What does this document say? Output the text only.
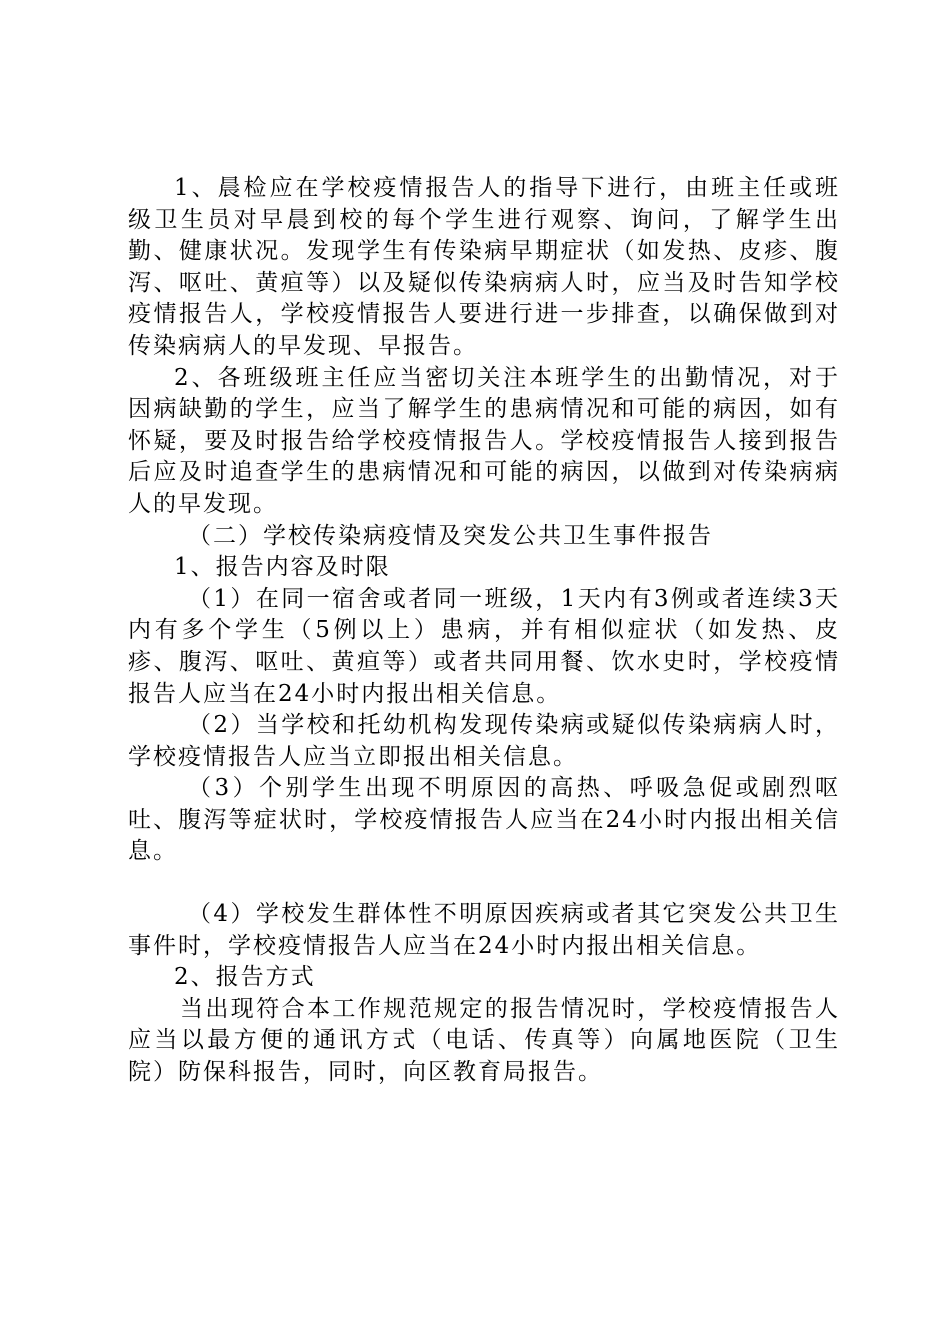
1、晨检应在学校疫情报告人的指导下进行，由班主任或班级卫生员对早晨到校的每个学生进行观察、询问，了解学生出勤、健康状况。发现学生有传染病早期症状（如发热、皮疹、腹泻、呕吐、黄疸等）以及疑似传染病病人时，应当及时告知学校疫情报告人，学校疫情报告人要进行进一步排查，以确保做到对传染病病人的早发现、早报告。

2、各班级班主任应当密切关注本班学生的出勤情况，对于因病缺勤的学生，应当了解学生的患病情况和可能的病因，如有怀疑，要及时报告给学校疫情报告人。学校疫情报告人接到报告后应及时追查学生的患病情况和可能的病因，以做到对传染病病人的早发现。

（二）学校传染病疫情及突发公共卫生事件报告

1、报告内容及时限

（1）在同一宿舍或者同一班级，1天内有3例或者连续3天内有多个学生（5例以上）患病，并有相似症状（如发热、皮疹、腹泻、呕吐、黄疸等）或者共同用餐、饮水史时，学校疫情报告人应当在24小时内报出相关信息。

（2）当学校和托幼机构发现传染病或疑似传染病病人时，学校疫情报告人应当立即报出相关信息。

（3）个别学生出现不明原因的高热、呼吸急促或剧烈呕吐、腹泻等症状时，学校疫情报告人应当在24小时内报出相关信息。

（4）学校发生群体性不明原因疾病或者其它突发公共卫生事件时，学校疫情报告人应当在24小时内报出相关信息。

2、报告方式

当出现符合本工作规范规定的报告情况时，学校疫情报告人应当以最方便的通讯方式（电话、传真等）向属地医院（卫生院）防保科报告，同时，向区教育局报告。
